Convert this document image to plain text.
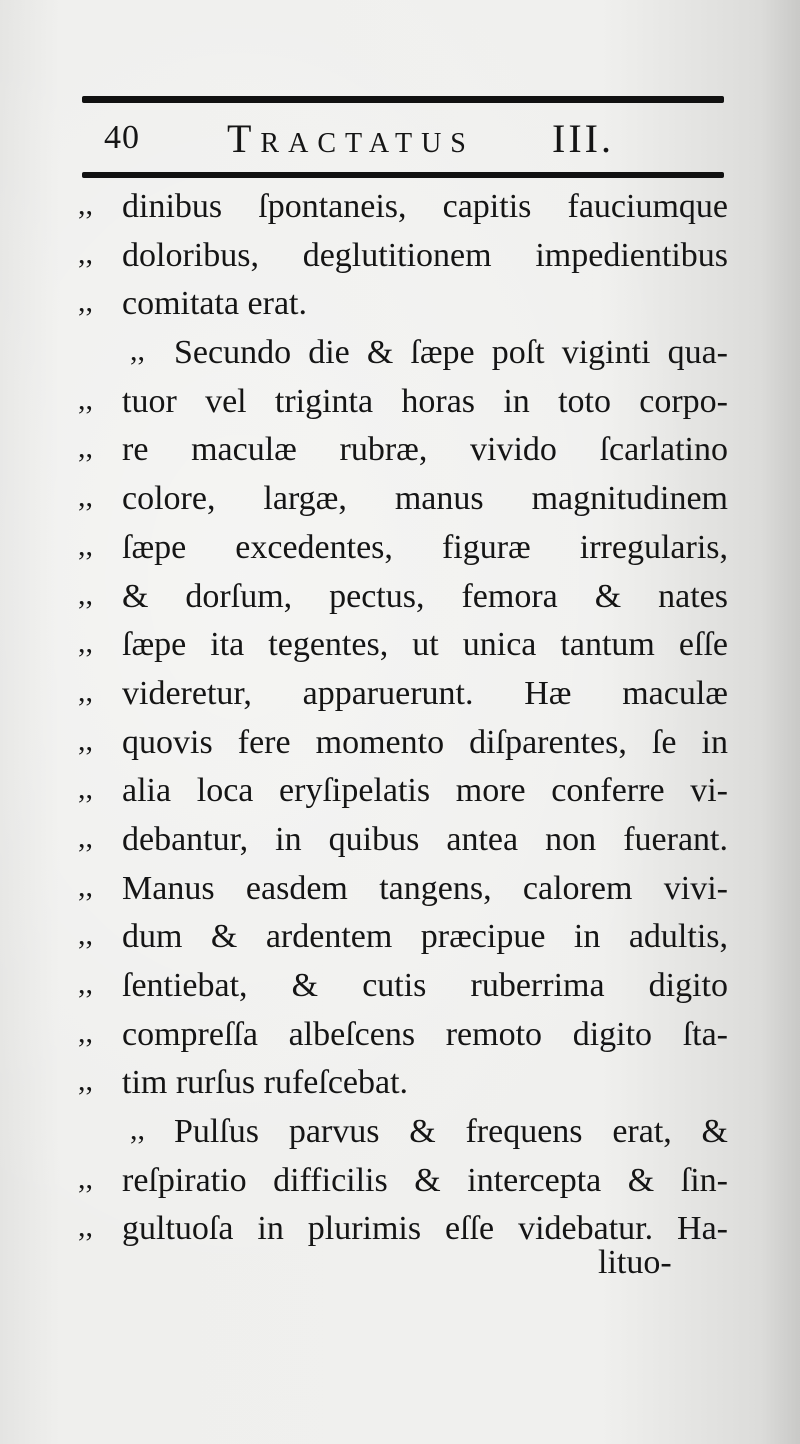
40 Tractatus III.
,, dinibus ſpontaneis, capitis fauciumque
,, doloribus, deglutitionem impedientibus
,, comitata erat.
,, Secundo die & ſæpe poſt viginti qua-
,, tuor vel triginta horas in toto corpo-
,, re maculæ rubræ, vivido ſcarlatino
,, colore, largæ, manus magnitudinem
,, ſæpe excedentes, figuræ irregularis,
,, & dorſum, pectus, femora & nates
,, ſæpe ita tegentes, ut unica tantum eſſe
,, videretur, apparuerunt. Hæ maculæ
,, quovis fere momento diſparentes, ſe in
,, alia loca eryſipelatis more conferre vi-
,, debantur, in quibus antea non fuerant.
,, Manus easdem tangens, calorem vivi-
,, dum & ardentem præcipue in adultis,
,, ſentiebat, & cutis ruberrima digito
,, compreſſa albeſcens remoto digito ſta-
,, tim rurſus rufeſcebat.
,, Pulſus parvus & frequens erat, &
,, reſpiratio difficilis & intercepta & ſin-
,, gultuoſa in plurimis eſſe videbatur. Ha-
lituo-
